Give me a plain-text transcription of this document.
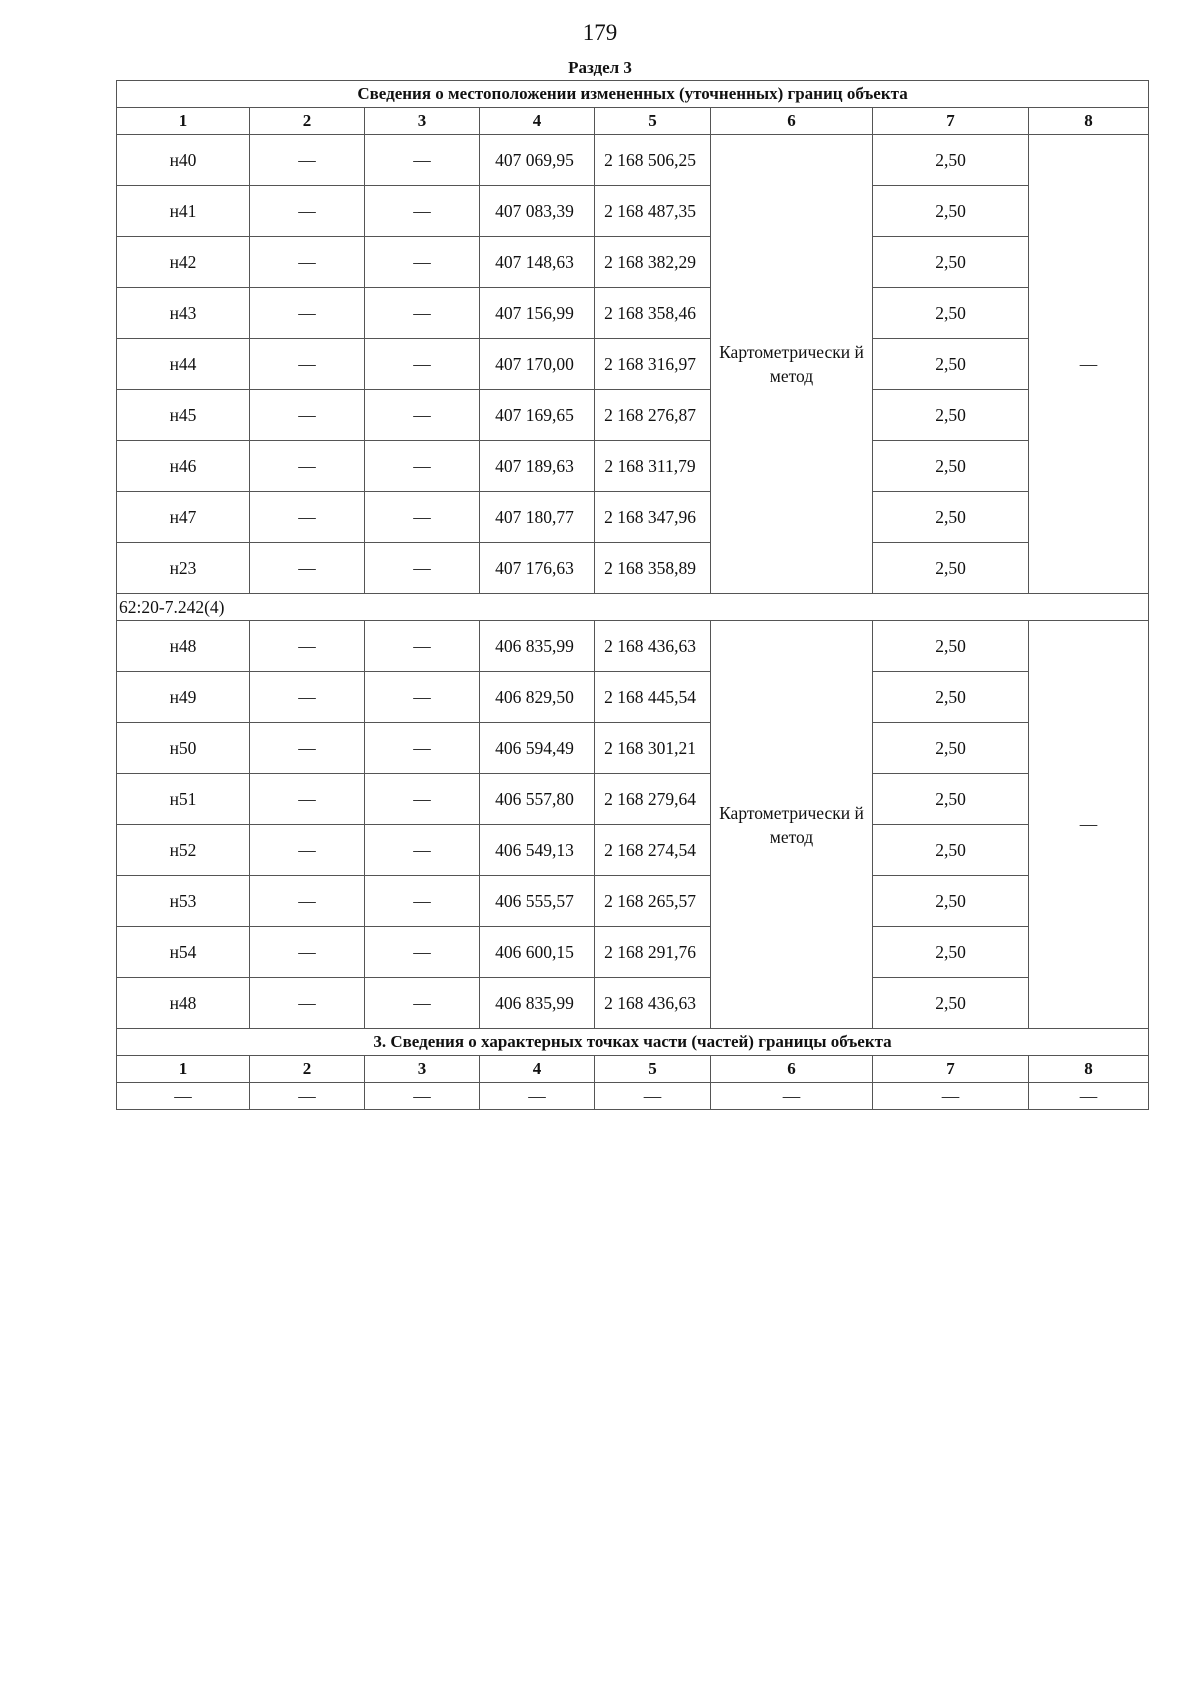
179
Раздел 3
Сведения о местоположении измененных (уточненных) границ объекта							
1	2	3	4	5	6	7	8
н40	—	—	407 069,95	2 168 506,25	Картометрически й метод	2,50	—
н41	—	—	407 083,39	2 168 487,35		2,50	
н42	—	—	407 148,63	2 168 382,29		2,50	
н43	—	—	407 156,99	2 168 358,46		2,50	
н44	—	—	407 170,00	2 168 316,97		2,50	
н45	—	—	407 169,65	2 168 276,87		2,50	
н46	—	—	407 189,63	2 168 311,79		2,50	
н47	—	—	407 180,77	2 168 347,96		2,50	
н23	—	—	407 176,63	2 168 358,89		2,50	
62:20-7.242(4)							
н48	—	—	406 835,99	2 168 436,63	Картометрически й метод	2,50	—
н49	—	—	406 829,50	2 168 445,54		2,50	
н50	—	—	406 594,49	2 168 301,21		2,50	
н51	—	—	406 557,80	2 168 279,64		2,50	
н52	—	—	406 549,13	2 168 274,54		2,50	
н53	—	—	406 555,57	2 168 265,57		2,50	
н54	—	—	406 600,15	2 168 291,76		2,50	
н48	—	—	406 835,99	2 168 436,63		2,50	
3. Сведения о характерных точках части (частей) границы объекта							
1	2	3	4	5	6	7	8
—	—	—	—	—	—	—	—
